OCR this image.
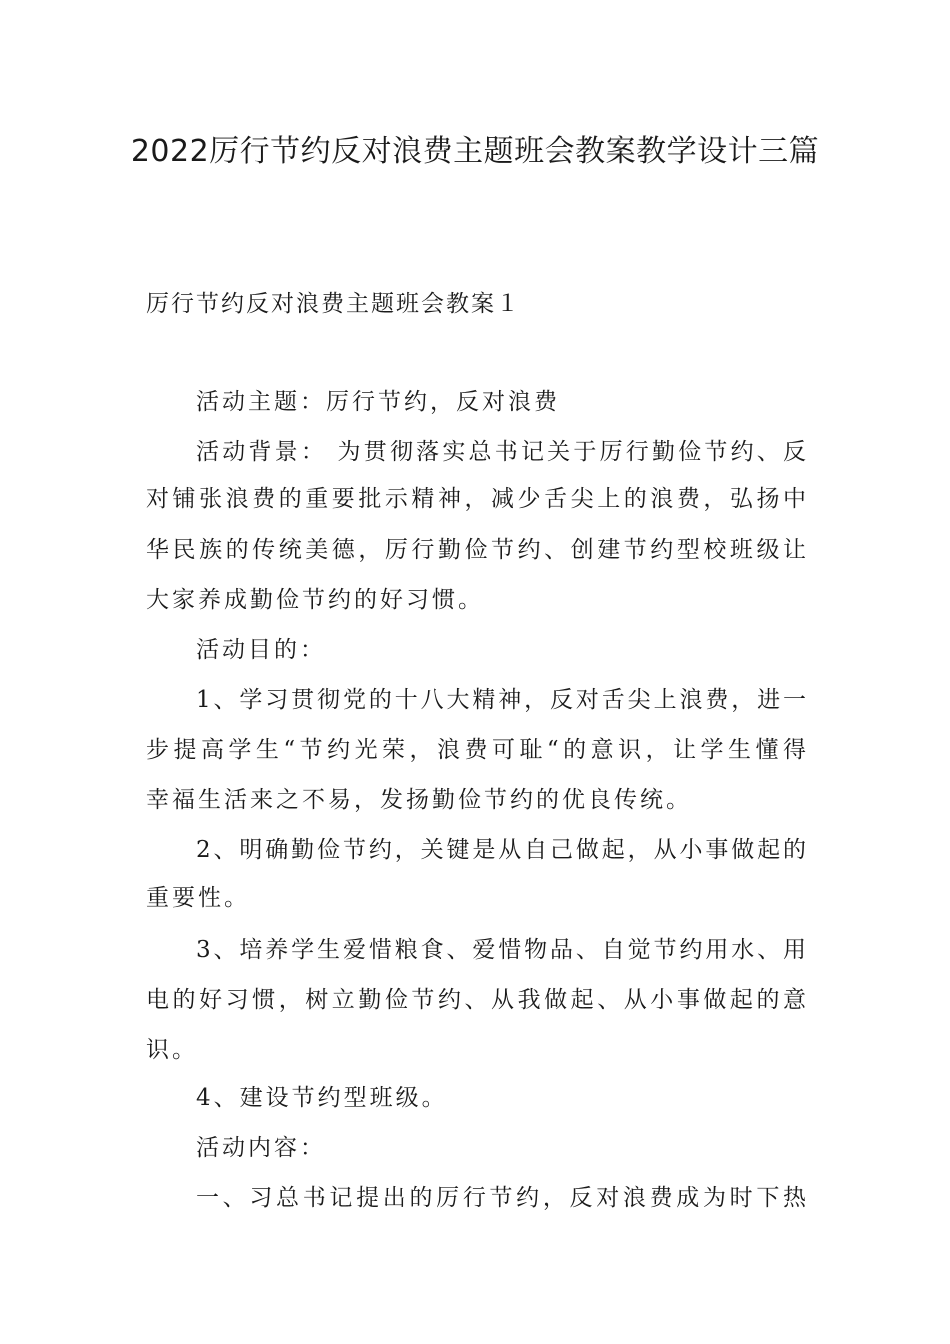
2022厉行节约反对浪费主题班会教案教学设计三篇
厉行节约反对浪费主题班会教案１
活动主题：厉行节约，反对浪费
活动背景： 为贯彻落实总书记关于厉行勤俭节约、反
对铺张浪费的重要批示精神，减少舌尖上的浪费，弘扬中
华民族的传统美德，厉行勤俭节约、创建节约型校班级让
大家养成勤俭节约的好习惯。
活动目的：
1、学习贯彻党的十八大精神，反对舌尖上浪费，进一
步提高学生“节约光荣，浪费可耻“的意识，让学生懂得
幸福生活来之不易，发扬勤俭节约的优良传统。
2、明确勤俭节约，关键是从自己做起，从小事做起的
重要性。
3、培养学生爱惜粮食、爱惜物品、自觉节约用水、用
电的好习惯，树立勤俭节约、从我做起、从小事做起的意
识。
4、建设节约型班级。
活动内容：
一、习总书记提出的厉行节约，反对浪费成为时下热
